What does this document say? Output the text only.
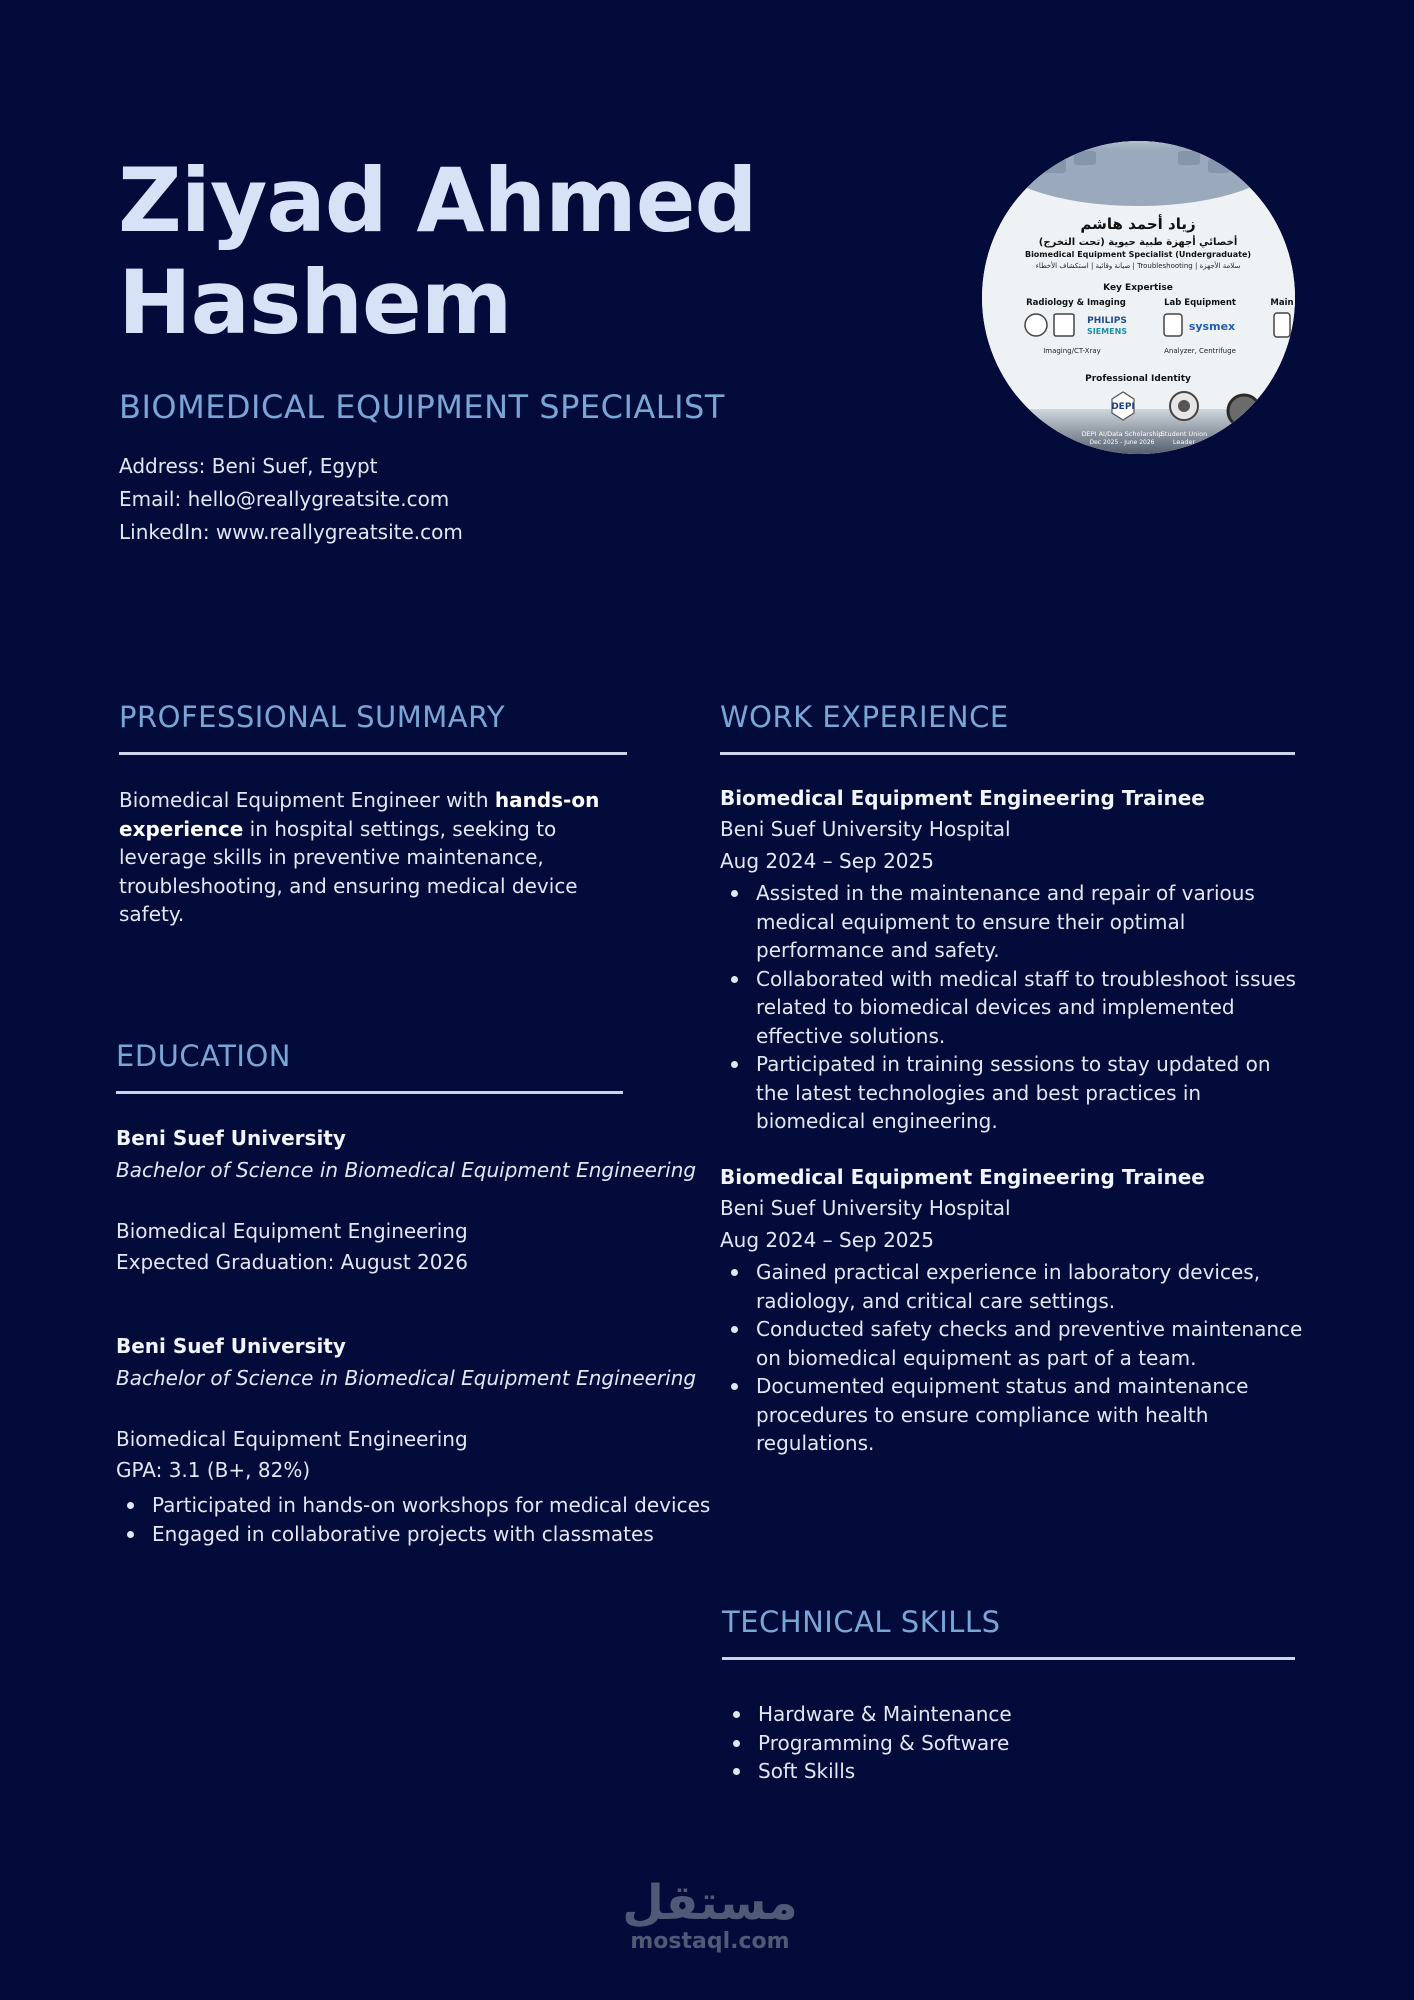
Ziyad Ahmed
Hashem
BIOMEDICAL EQUIPMENT SPECIALIST
Address: Beni Suef, Egypt
Email: hello@reallygreatsite.com
LinkedIn: www.reallygreatsite.com
زياد أحمد هاشم
أخصائي أجهزة طبية حيوية (تحت التخرج)
Biomedical Equipment Specialist (Undergraduate)
صيانة وقائية | استكشاف الأخطاء | Troubleshooting | سلامة الأجهزة
Key Expertise
Radiology & Imaging	Lab Equipment	Main
PHILIPS
SIEMENS
Imaging/CT-Xray
sysmex
Analyzer, Centrifuge
Professional Identity
DEPI
DEPI AI/Data Scholarship
Dec 2025 - June 2026
Student Union
Leader
PROFESSIONAL SUMMARY
Biomedical Equipment Engineer with hands-on experience in hospital settings, seeking to leverage skills in preventive maintenance, troubleshooting, and ensuring medical device safety.
EDUCATION
Beni Suef University
Bachelor of Science in Biomedical Equipment Engineering
Biomedical Equipment Engineering
Expected Graduation: August 2026
Beni Suef University
Bachelor of Science in Biomedical Equipment Engineering
Biomedical Equipment Engineering
GPA: 3.1 (B+, 82%)
Participated in hands-on workshops for medical devices
Engaged in collaborative projects with classmates
WORK EXPERIENCE
Biomedical Equipment Engineering Trainee
Beni Suef University Hospital
Aug 2024 – Sep 2025
Assisted in the maintenance and repair of various medical equipment to ensure their optimal performance and safety.
Collaborated with medical staff to troubleshoot issues related to biomedical devices and implemented effective solutions.
Participated in training sessions to stay updated on the latest technologies and best practices in biomedical engineering.
Biomedical Equipment Engineering Trainee
Beni Suef University Hospital
Aug 2024 – Sep 2025
Gained practical experience in laboratory devices, radiology, and critical care settings.
Conducted safety checks and preventive maintenance on biomedical equipment as part of a team.
Documented equipment status and maintenance procedures to ensure compliance with health regulations.
TECHNICAL SKILLS
Hardware & Maintenance
Programming & Software
Soft Skills
مستقل
mostaql.com
